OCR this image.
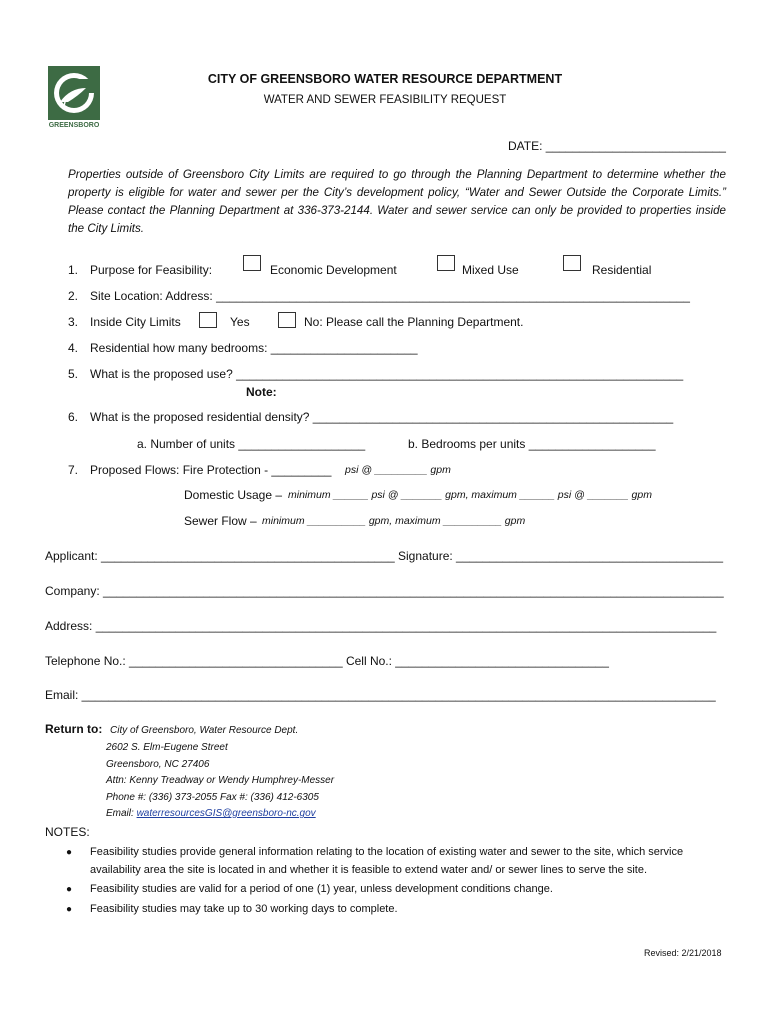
GREENSBORO
CITY OF GREENSBORO WATER RESOURCE DEPARTMENT
WATER AND SEWER FEASIBILITY REQUEST
DATE: ___________________________
Properties outside of Greensboro City Limits are required to go through the Planning Department to determine whether the property is eligible for water and sewer per the City’s development policy, “Water and Sewer Outside the Corporate Limits.” Please contact the Planning Department at 336-373-2144. Water and sewer service can only be provided to properties inside the City Limits.
1. Purpose for Feasibility:	Economic Development	Mixed Use	Residential
2. Site Location: Address: _______________________________________________________________________
3. Inside City Limits	Yes	No: Please call the Planning Department.
4. Residential how many bedrooms: ______________________
5. What is the proposed use? ___________________________________________________________________
Note:
6. What is the proposed residential density? ______________________________________________________
a. Number of units ___________________	b. Bedrooms per units ___________________
7. Proposed Flows: Fire Protection - _________ psi @ _________ gpm
Domestic Usage – minimum ______ psi @ _______ gpm, maximum ______ psi @ _______ gpm
Sewer Flow – minimum __________ gpm, maximum __________ gpm
Applicant: ____________________________________________ Signature: ________________________________________
Company: _____________________________________________________________________________________________
Address: _____________________________________________________________________________________________
Telephone No.: ________________________________ Cell No.: ________________________________
Email: _______________________________________________________________________________________________
Return to: City of Greensboro, Water Resource Dept.
2602 S. Elm-Eugene Street
Greensboro, NC 27406
Attn: Kenny Treadway or Wendy Humphrey-Messer
Phone #: (336) 373-2055 Fax #: (336) 412-6305
Email: waterresourcesGIS@greensboro-nc.gov
NOTES:
● Feasibility studies provide general information relating to the location of existing water and sewer to the site, which service availability area the site is located in and whether it is feasible to extend water and/ or sewer lines to serve the site.
● Feasibility studies are valid for a period of one (1) year, unless development conditions change.
● Feasibility studies may take up to 30 working days to complete.
Revised: 2/21/2018
